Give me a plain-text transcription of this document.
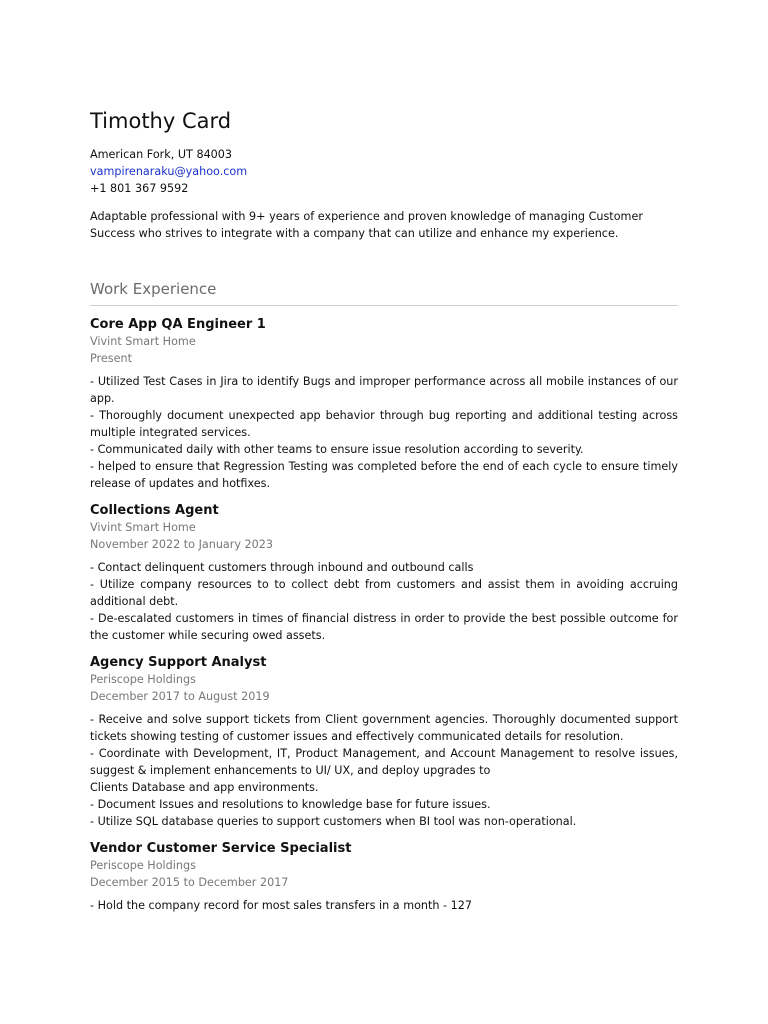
Timothy Card
American Fork, UT 84003
vampirenaraku@yahoo.com
+1 801 367 9592
Adaptable professional with 9+ years of experience and proven knowledge of managing Customer Success who strives to integrate with a company that can utilize and enhance my experience.
Work Experience
Core App QA Engineer 1
Vivint Smart Home
Present
- Utilized Test Cases in Jira to identify Bugs and improper performance across all mobile instances of our app.
- Thoroughly document unexpected app behavior through bug reporting and additional testing across multiple integrated services.
- Communicated daily with other teams to ensure issue resolution according to severity.
- helped to ensure that Regression Testing was completed before the end of each cycle to ensure timely release of updates and hotfixes.
Collections Agent
Vivint Smart Home
November 2022 to January 2023
- Contact delinquent customers through inbound and outbound calls
- Utilize company resources to to collect debt from customers and assist them in avoiding accruing additional debt.
- De-escalated customers in times of financial distress in order to provide the best possible outcome for the customer while securing owed assets.
Agency Support Analyst
Periscope Holdings
December 2017 to August 2019
- Receive and solve support tickets from Client government agencies. Thoroughly documented support tickets showing testing of customer issues and effectively communicated details for resolution.
- Coordinate with Development, IT, Product Management, and Account Management to resolve issues, suggest & implement enhancements to UI/ UX, and deploy upgrades to
Clients Database and app environments.
- Document Issues and resolutions to knowledge base for future issues.
- Utilize SQL database queries to support customers when BI tool was non-operational.
Vendor Customer Service Specialist
Periscope Holdings
December 2015 to December 2017
- Hold the company record for most sales transfers in a month - 127
